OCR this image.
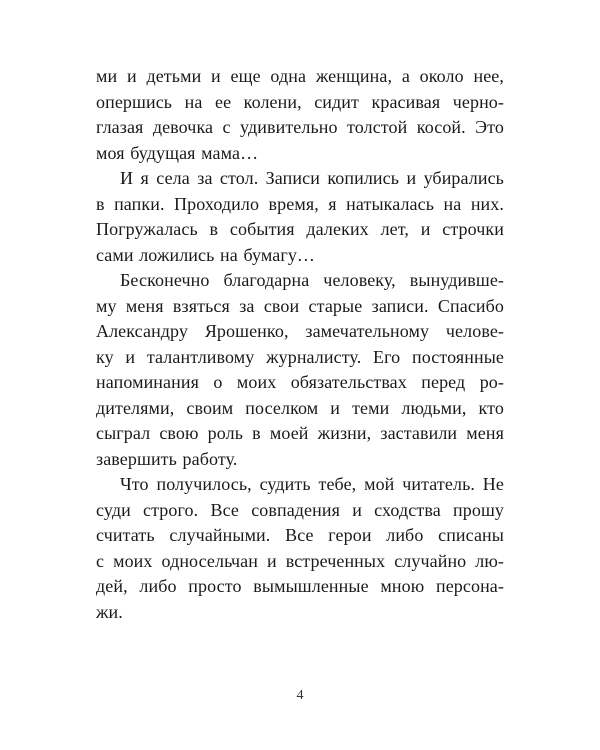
ми и детьми и еще одна женщина, а около нее,
опершись на ее колени, сидит красивая черно-
глазая девочка с удивительно толстой косой. Это
моя будущая мама…
И я села за стол. Записи копились и убирались
в папки. Проходило время, я натыкалась на них.
Погружалась в события далеких лет, и строчки
сами ложились на бумагу…
Бесконечно благодарна человеку, вынудивше-
му меня взяться за свои старые записи. Спасибо
Александру Ярошенко, замечательному челове-
ку и талантливому журналисту. Его постоянные
напоминания о моих обязательствах перед ро-
дителями, своим поселком и теми людьми, кто
сыграл свою роль в моей жизни, заставили меня
завершить работу.
Что получилось, судить тебе, мой читатель. Не
суди строго. Все совпадения и сходства прошу
считать случайными. Все герои либо списаны
с моих односельчан и встреченных случайно лю-
дей, либо просто вымышленные мною персона-
жи.
4
